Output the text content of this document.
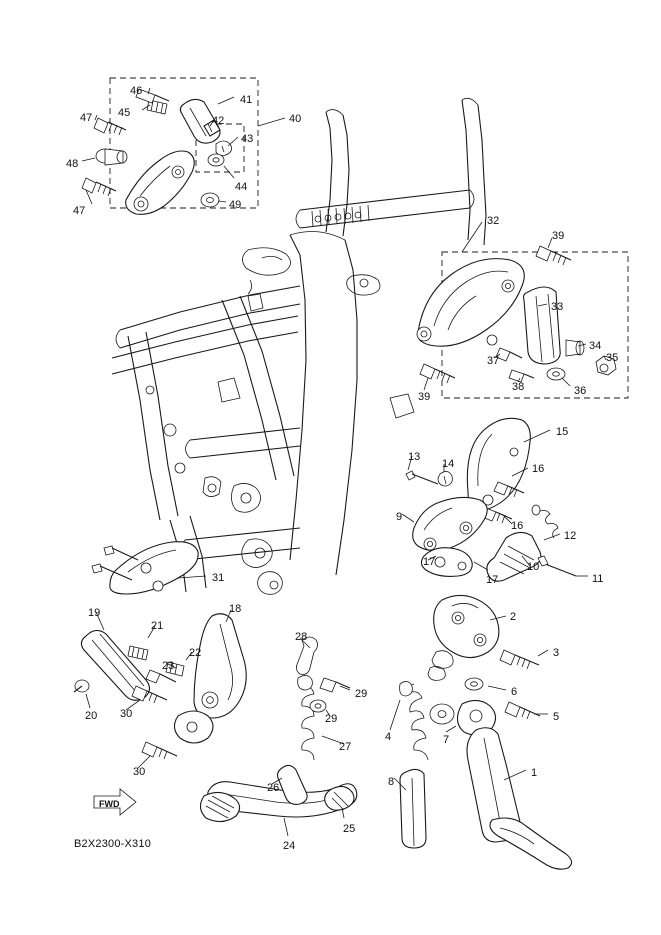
46
41
40
45
47	42
43
48
44
47	49
32
39
33
34
35
37
36
38
39
15
13
14	16
9
16
12
10
11
17
17
31
2
19	18
21
28
3
22
23
29	6
20 30	29	5
4	7
27
30
26	8
1
25
24
FWD
B2X2300-X310
